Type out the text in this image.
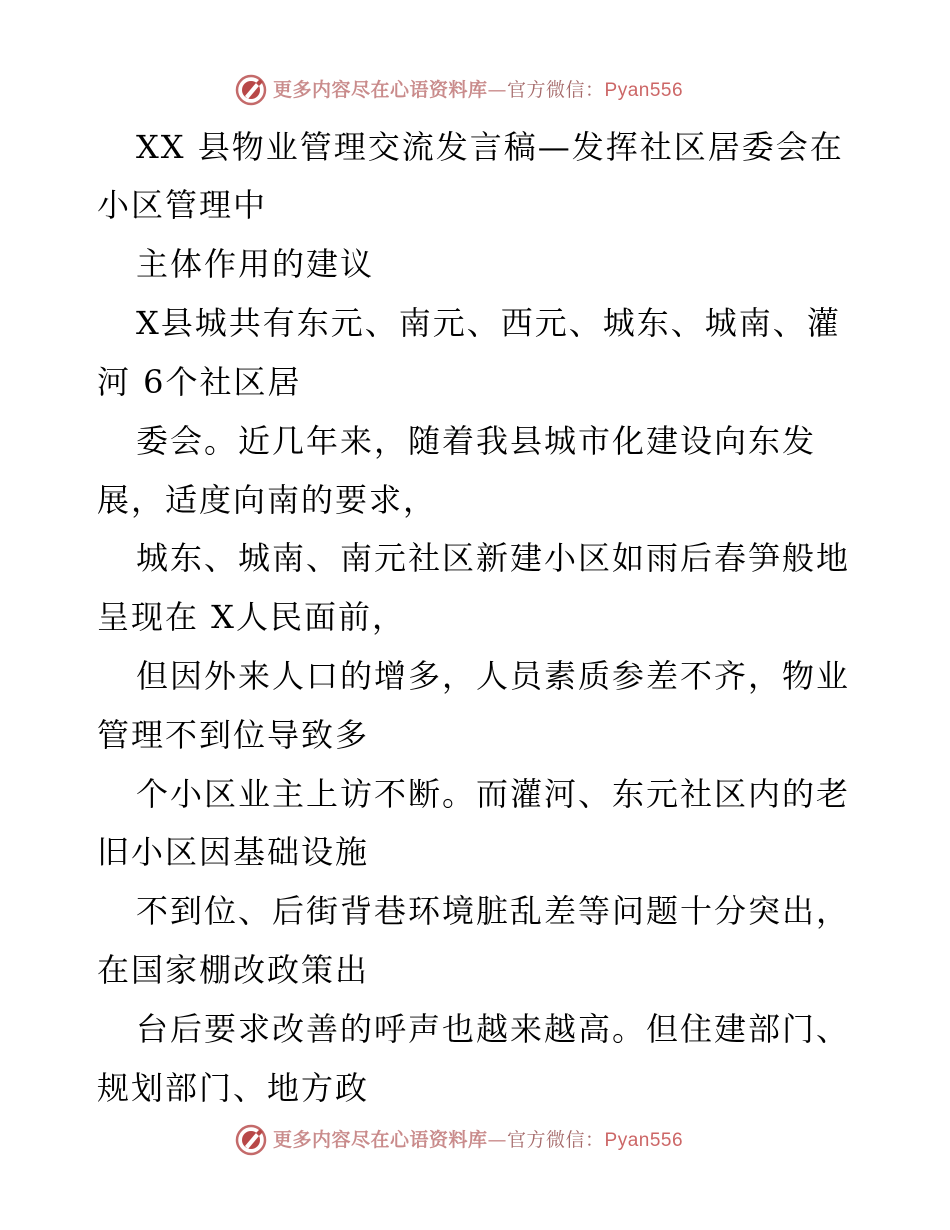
更多内容尽在心语资料库—官方微信：Pyan556
XX 县物业管理交流发言稿—发挥社区居委会在
小区管理中
主体作用的建议
X县城共有东元、南元、西元、城东、城南、灌
河 6个社区居
委会。近几年来，随着我县城市化建设向东发
展，适度向南的要求，
城东、城南、南元社区新建小区如雨后春笋般地
呈现在 X人民面前，
但因外来人口的增多，人员素质参差不齐，物业
管理不到位导致多
个小区业主上访不断。而灌河、东元社区内的老
旧小区因基础设施
不到位、后街背巷环境脏乱差等问题十分突出，
在国家棚改政策出
台后要求改善的呼声也越来越高。但住建部门、
规划部门、地方政
更多内容尽在心语资料库—官方微信：Pyan556
